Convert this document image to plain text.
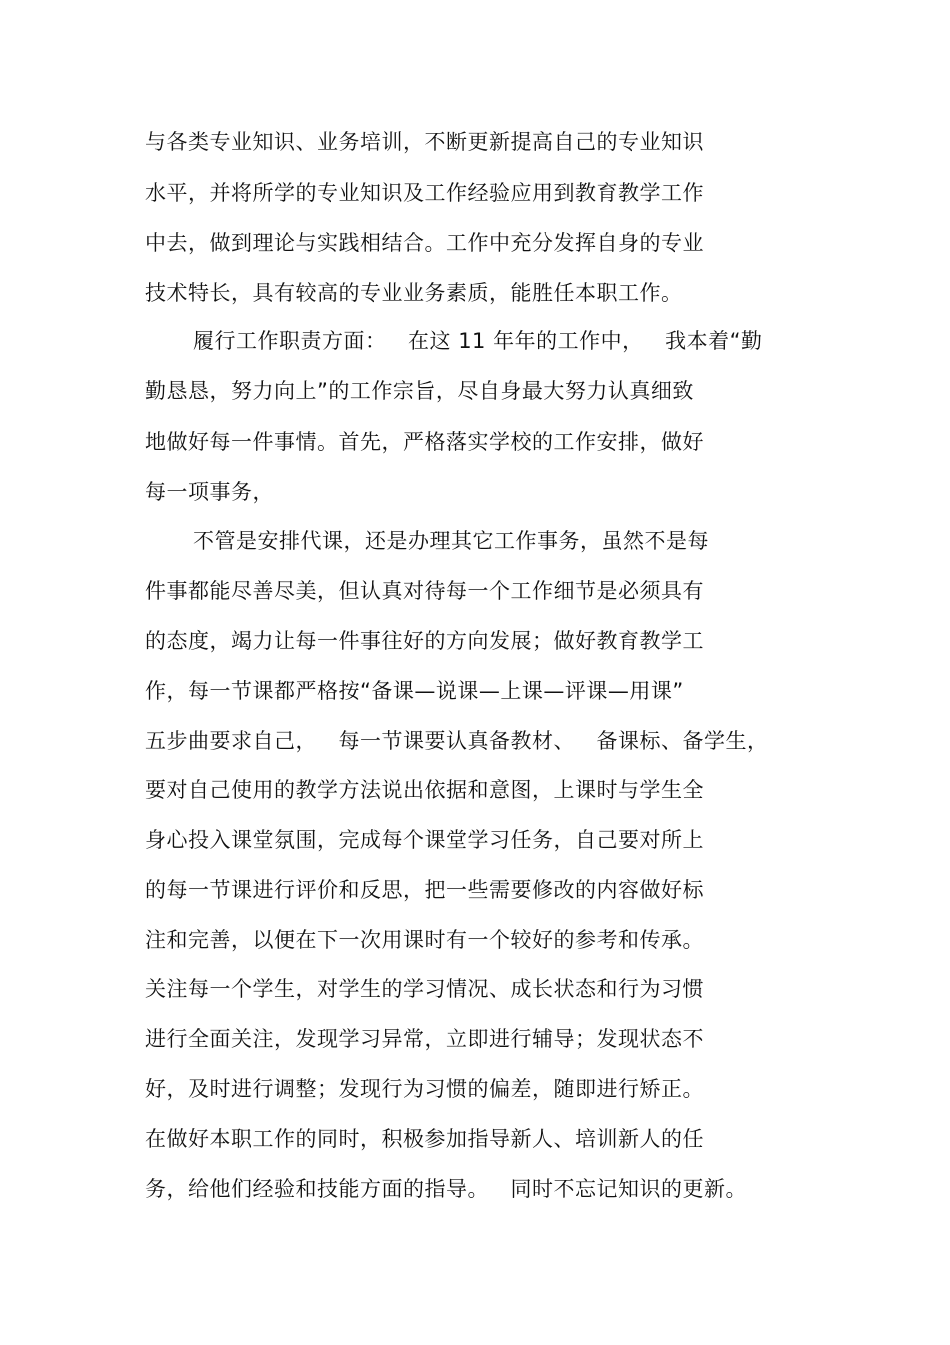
与各类专业知识、业务培训，不断更新提高自己的专业知识
水平，并将所学的专业知识及工作经验应用到教育教学工作
中去，做到理论与实践相结合。工作中充分发挥自身的专业
技术特长，具有较高的专业业务素质，能胜任本职工作。
履行工作职责方面：   在这 11 年年的工作中，   我本着“勤
勤恳恳，努力向上”的工作宗旨，尽自身最大努力认真细致
地做好每一件事情。首先，严格落实学校的工作安排，做好
每一项事务，
不管是安排代课，还是办理其它工作事务，虽然不是每
件事都能尽善尽美，但认真对待每一个工作细节是必须具有
的态度，竭力让每一件事往好的方向发展；做好教育教学工
作，每一节课都严格按“备课—说课—上课—评课—用课”
五步曲要求自己，   每一节课要认真备教材、   备课标、备学生，
要对自己使用的教学方法说出依据和意图，上课时与学生全
身心投入课堂氛围，完成每个课堂学习任务，自己要对所上
的每一节课进行评价和反思，把一些需要修改的内容做好标
注和完善，以便在下一次用课时有一个较好的参考和传承。
关注每一个学生，对学生的学习情况、成长状态和行为习惯
进行全面关注，发现学习异常，立即进行辅导；发现状态不
好，及时进行调整；发现行为习惯的偏差，随即进行矫正。
在做好本职工作的同时，积极参加指导新人、培训新人的任
务，给他们经验和技能方面的指导。   同时不忘记知识的更新。
